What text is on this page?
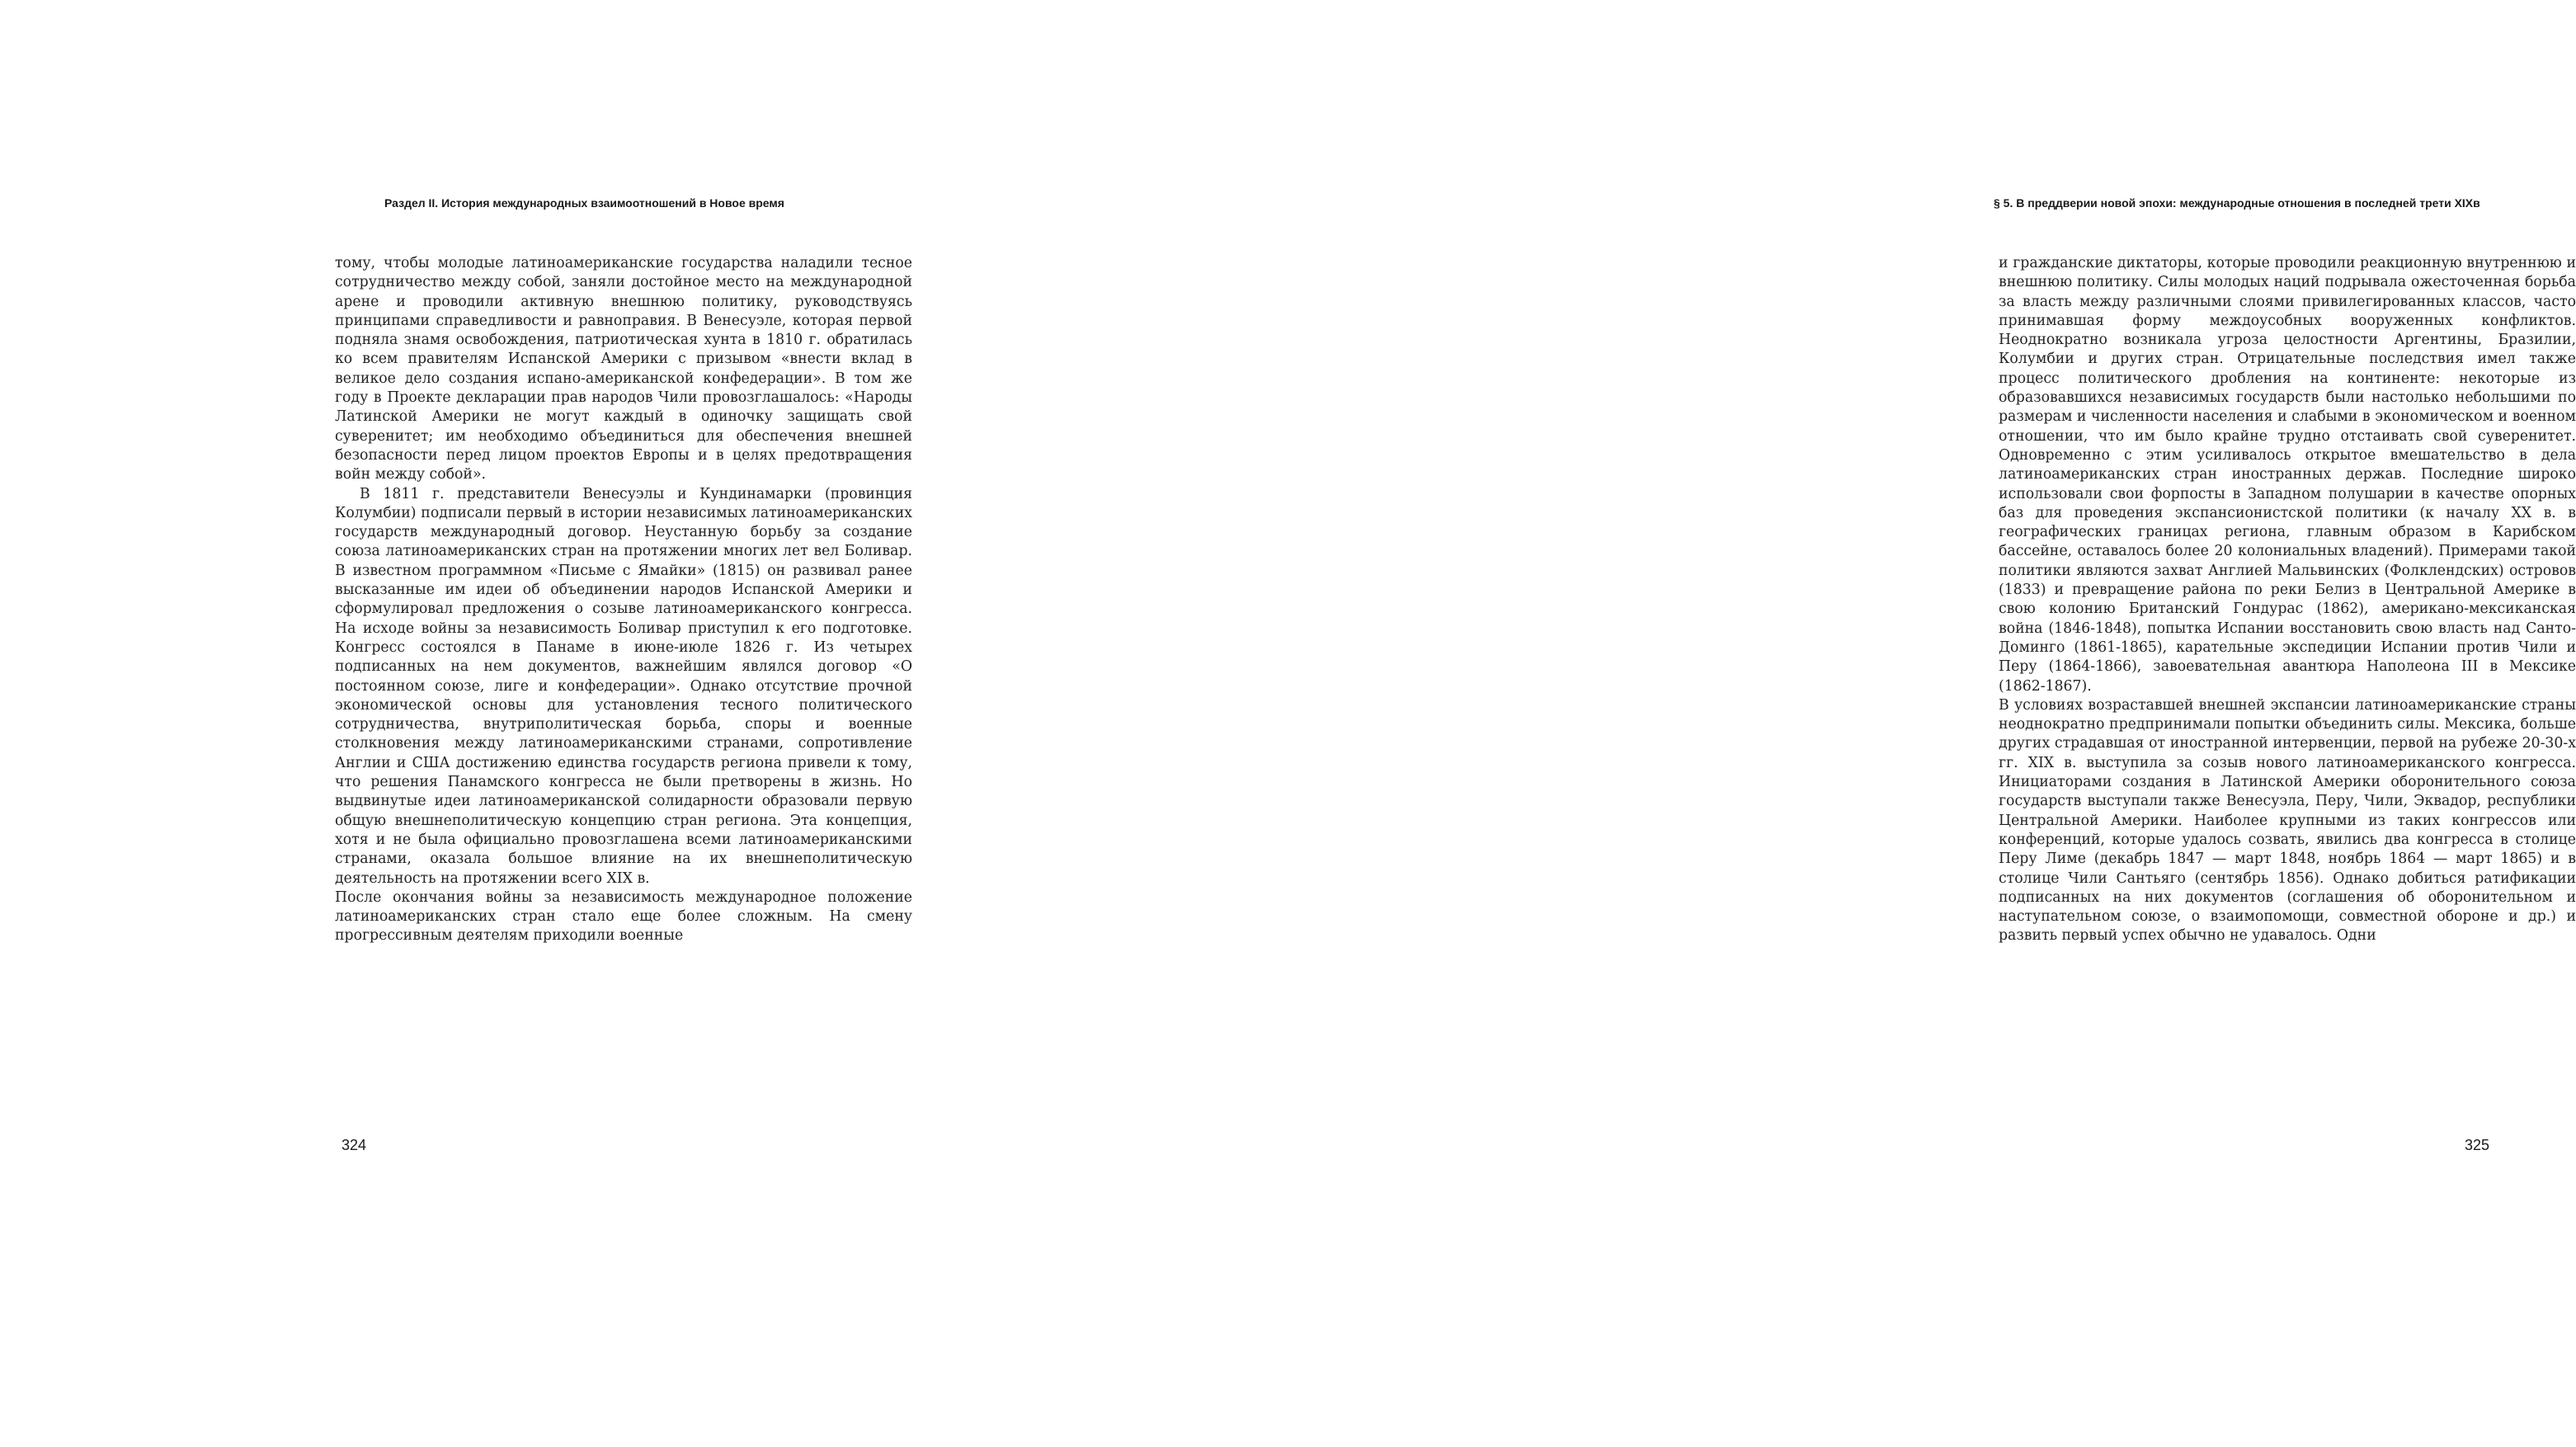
Раздел II. История международных взаимоотношений в Новое время

тому, чтобы молодые латиноамериканские государства наладили тесное сотрудничество между собой, заняли достойное место на международной арене и проводили активную внешнюю политику, руководствуясь принципами справедливости и равноправия. В Венесуэле, которая первой подняла знамя освобождения, патриотическая хунта в 1810 г. обратилась ко всем правителям Испанской Америки с призывом «внести вклад в великое дело создания испано-американской конфедерации». В том же году в Проекте декларации прав народов Чили провозглашалось: «Народы Латинской Америки не могут каждый в одиночку защищать свой суверенитет; им необходимо объединиться для обеспечения внешней безопасности перед лицом проектов Европы и в целях предотвращения войн между собой».

В 1811 г. представители Венесуэлы и Кундинамарки (провинция Колумбии) подписали первый в истории независимых латиноамериканских государств международный договор. Неустанную борьбу за создание союза латиноамериканских стран на протяжении многих лет вел Боливар. В известном программном «Письме с Ямайки» (1815) он развивал ранее высказанные им идеи об объединении народов Испанской Америки и сформулировал предложения о созыве латиноамериканского конгресса. На исходе войны за независимость Боливар приступил к его подготовке. Конгресс состоялся в Панаме в июне-июле 1826 г. Из четырех подписанных на нем документов, важнейшим являлся договор «О постоянном союзе, лиге и конфедерации». Однако отсутствие прочной экономической основы для установления тесного политического сотрудничества, внутриполитическая борьба, споры и военные столкновения между латиноамериканскими странами, сопротивление Англии и США достижению единства государств региона привели к тому, что решения Панамского конгресса не были претворены в жизнь. Но выдвинутые идеи латиноамериканской солидарности образовали первую общую внешнеполитическую концепцию стран региона. Эта концепция, хотя и не была официально провозглашена всеми латиноамериканскими странами, оказала большое влияние на их внешнеполитическую деятельность на протяжении всего XIX в.

После окончания войны за независимость международное положение латиноамериканских стран стало еще более сложным. На смену прогрессивным деятелям приходили военные

324
§ 5. В преддверии новой эпохи: международные отношения в последней трети XIXв

и гражданские диктаторы, которые проводили реакционную внутреннюю и внешнюю политику. Силы молодых наций подрывала ожесточенная борьба за власть между различными слоями привилегированных классов, часто принимавшая форму междоусобных вооруженных конфликтов. Неоднократно возникала угроза целостности Аргентины, Бразилии, Колумбии и других стран. Отрицательные последствия имел также процесс политического дробления на континенте: некоторые из образовавшихся независимых государств были настолько небольшими по размерам и численности населения и слабыми в экономическом и военном отношении, что им было крайне трудно отстаивать свой суверенитет. Одновременно с этим усиливалось открытое вмешательство в дела латиноамериканских стран иностранных держав. Последние широко использовали свои форпосты в Западном полушарии в качестве опорных баз для проведения экспансионистской политики (к началу XX в. в географических границах региона, главным образом в Карибском бассейне, оставалось более 20 колониальных владений). Примерами такой политики являются захват Англией Мальвинских (Фолклендских) островов (1833) и превращение района по реки Белиз в Центральной Америке в свою колонию Британский Гондурас (1862), американо-мексиканская война (1846-1848), попытка Испании восстановить свою власть над Санто-Доминго (1861-1865), карательные экспедиции Испании против Чили и Перу (1864-1866), завоевательная авантюра Наполеона III в Мексике (1862-1867).

В условиях возраставшей внешней экспансии латиноамериканские страны неоднократно предпринимали попытки объединить силы. Мексика, больше других страдавшая от иностранной интервенции, первой на рубеже 20-30-х гг. XIX в. выступила за созыв нового латиноамериканского конгресса. Инициаторами создания в Латинской Америки оборонительного союза государств выступали также Венесуэла, Перу, Чили, Эквадор, республики Центральной Америки. Наиболее крупными из таких конгрессов или конференций, которые удалось созвать, явились два конгресса в столице Перу Лиме (декабрь 1847 — март 1848, ноябрь 1864 — март 1865) и в столице Чили Сантьяго (сентябрь 1856). Однако добиться ратификации подписанных на них документов (соглашения об оборонительном и наступательном союзе, о взаимопомощи, совместной обороне и др.) и развить первый успех обычно не удавалось. Одни

325
